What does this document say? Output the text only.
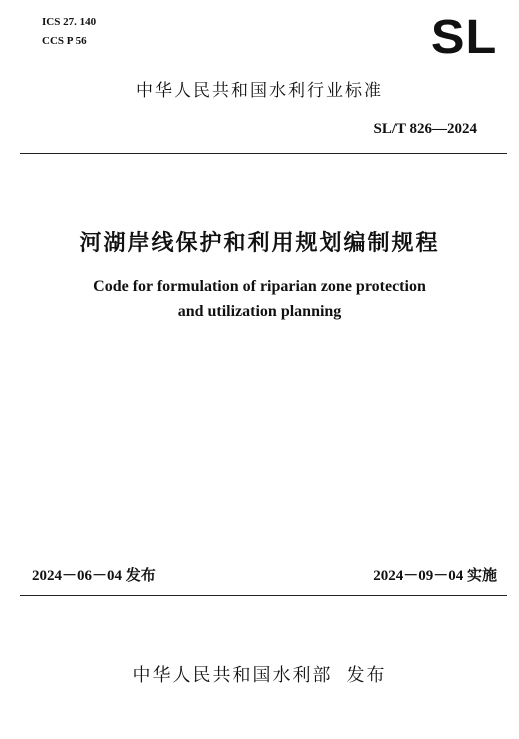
ICS 27. 140
CCS P 56	SL
中华人民共和国水利行业标准
SL/T 826—2024
河湖岸线保护和利用规划编制规程
Code for formulation of riparian zone protection
and utilization planning
2024－06－04 发布	2024－09－04 实施
中华人民共和国水利部 发布
